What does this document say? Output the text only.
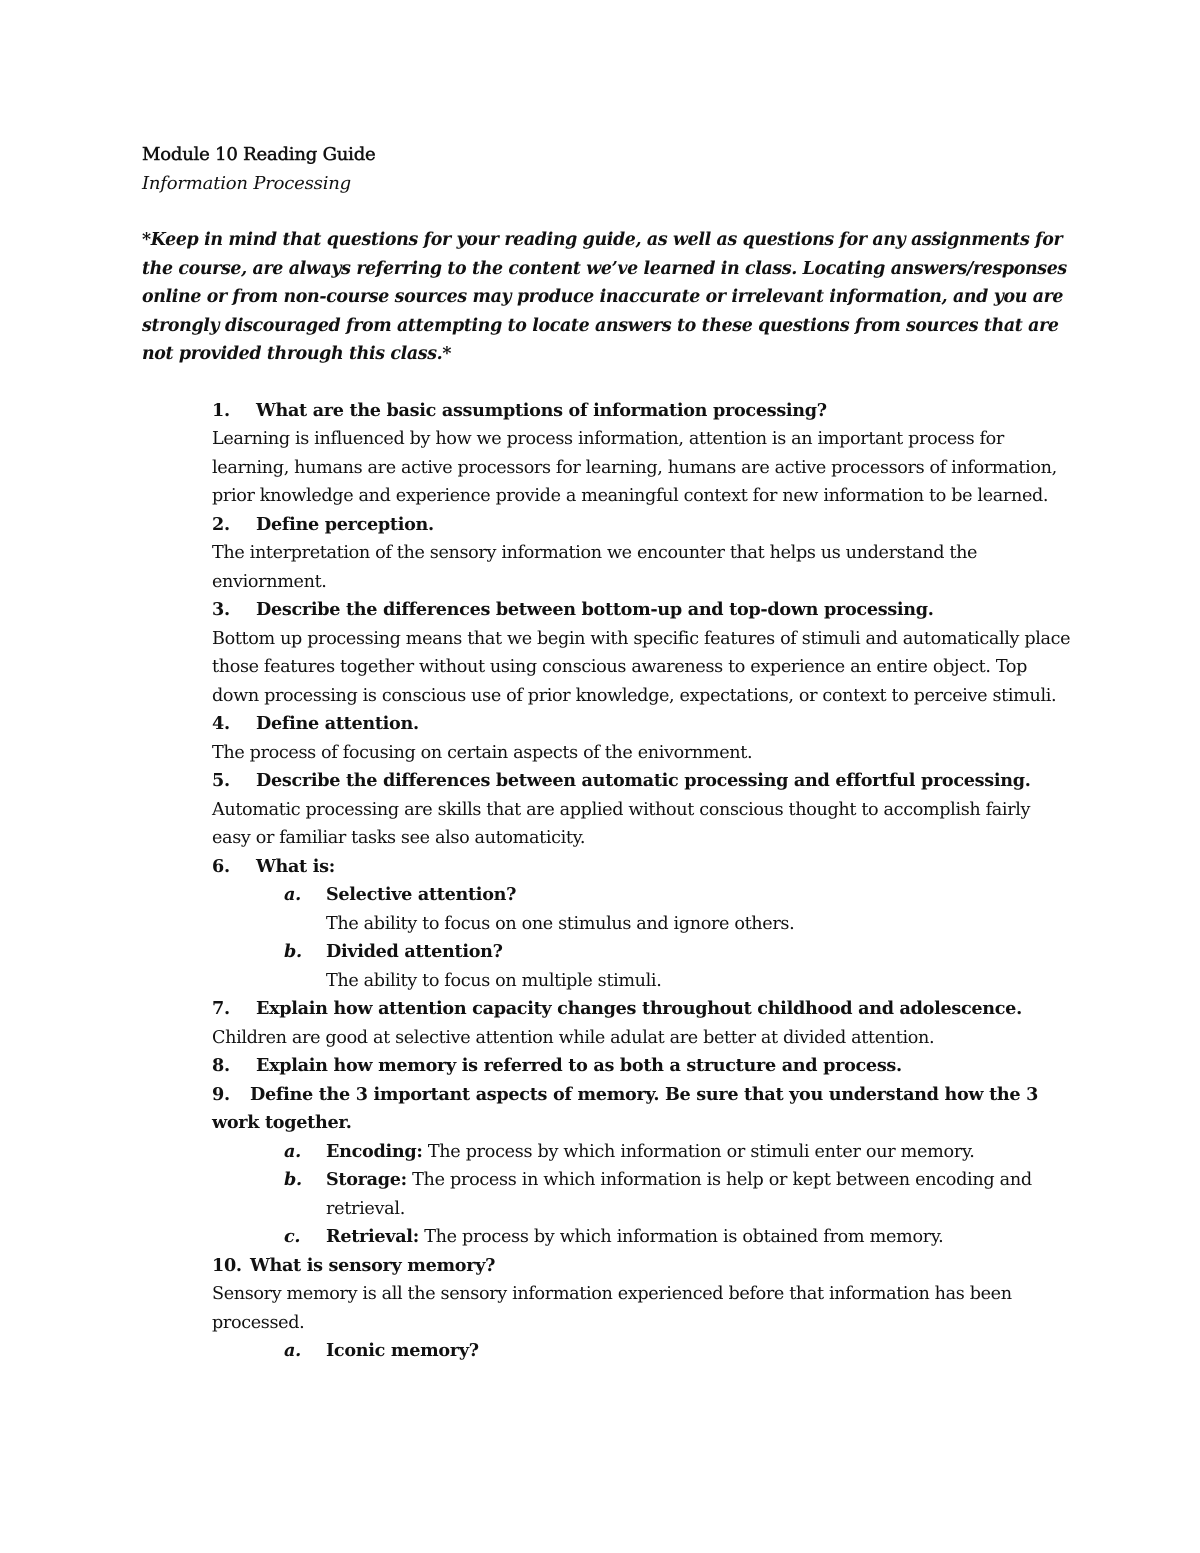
Module 10 Reading Guide
Information Processing
*Keep in mind that questions for your reading guide, as well as questions for any assignments for the course, are always referring to the content we’ve learned in class. Locating answers/responses online or from non-course sources may produce inaccurate or irrelevant information, and you are strongly discouraged from attempting to locate answers to these questions from sources that are not provided through this class.*
1.	What are the basic assumptions of information processing?
Learning is influenced by how we process information, attention is an important process for learning, humans are active processors for learning, humans are active processors of information, prior knowledge and experience provide a meaningful context for new information to be learned.
2.	Define perception.
The interpretation of the sensory information we encounter that helps us understand the enviornment.
3.	Describe the differences between bottom-up and top-down processing.
Bottom up processing means that we begin with specific features of stimuli and automatically place those features together without using conscious awareness to experience an entire object. Top down processing is conscious use of prior knowledge, expectations, or context to perceive stimuli.
4.	Define attention.
The process of focusing on certain aspects of the enivornment.
5.	Describe the differences between automatic processing and effortful processing.
Automatic processing are skills that are applied without conscious thought to accomplish fairly easy or familiar tasks see also automaticity.
6.	What is:
a.	Selective attention?
The ability to focus on one stimulus and ignore others.
b.	Divided attention?
The ability to focus on multiple stimuli.
7.	Explain how attention capacity changes throughout childhood and adolescence.
Children are good at selective attention while adulat are better at divided attention.
8.	Explain how memory is referred to as both a structure and process.
9. Define the 3 important aspects of memory. Be sure that you understand how the 3 work together.
a.	Encoding: The process by which information or stimuli enter our memory.
b.	Storage: The process in which information is help or kept between encoding and retrieval.
c.	Retrieval: The process by which information is obtained from memory.
10. What is sensory memory?
Sensory memory is all the sensory information experienced before that information has been processed.
a.	Iconic memory?
